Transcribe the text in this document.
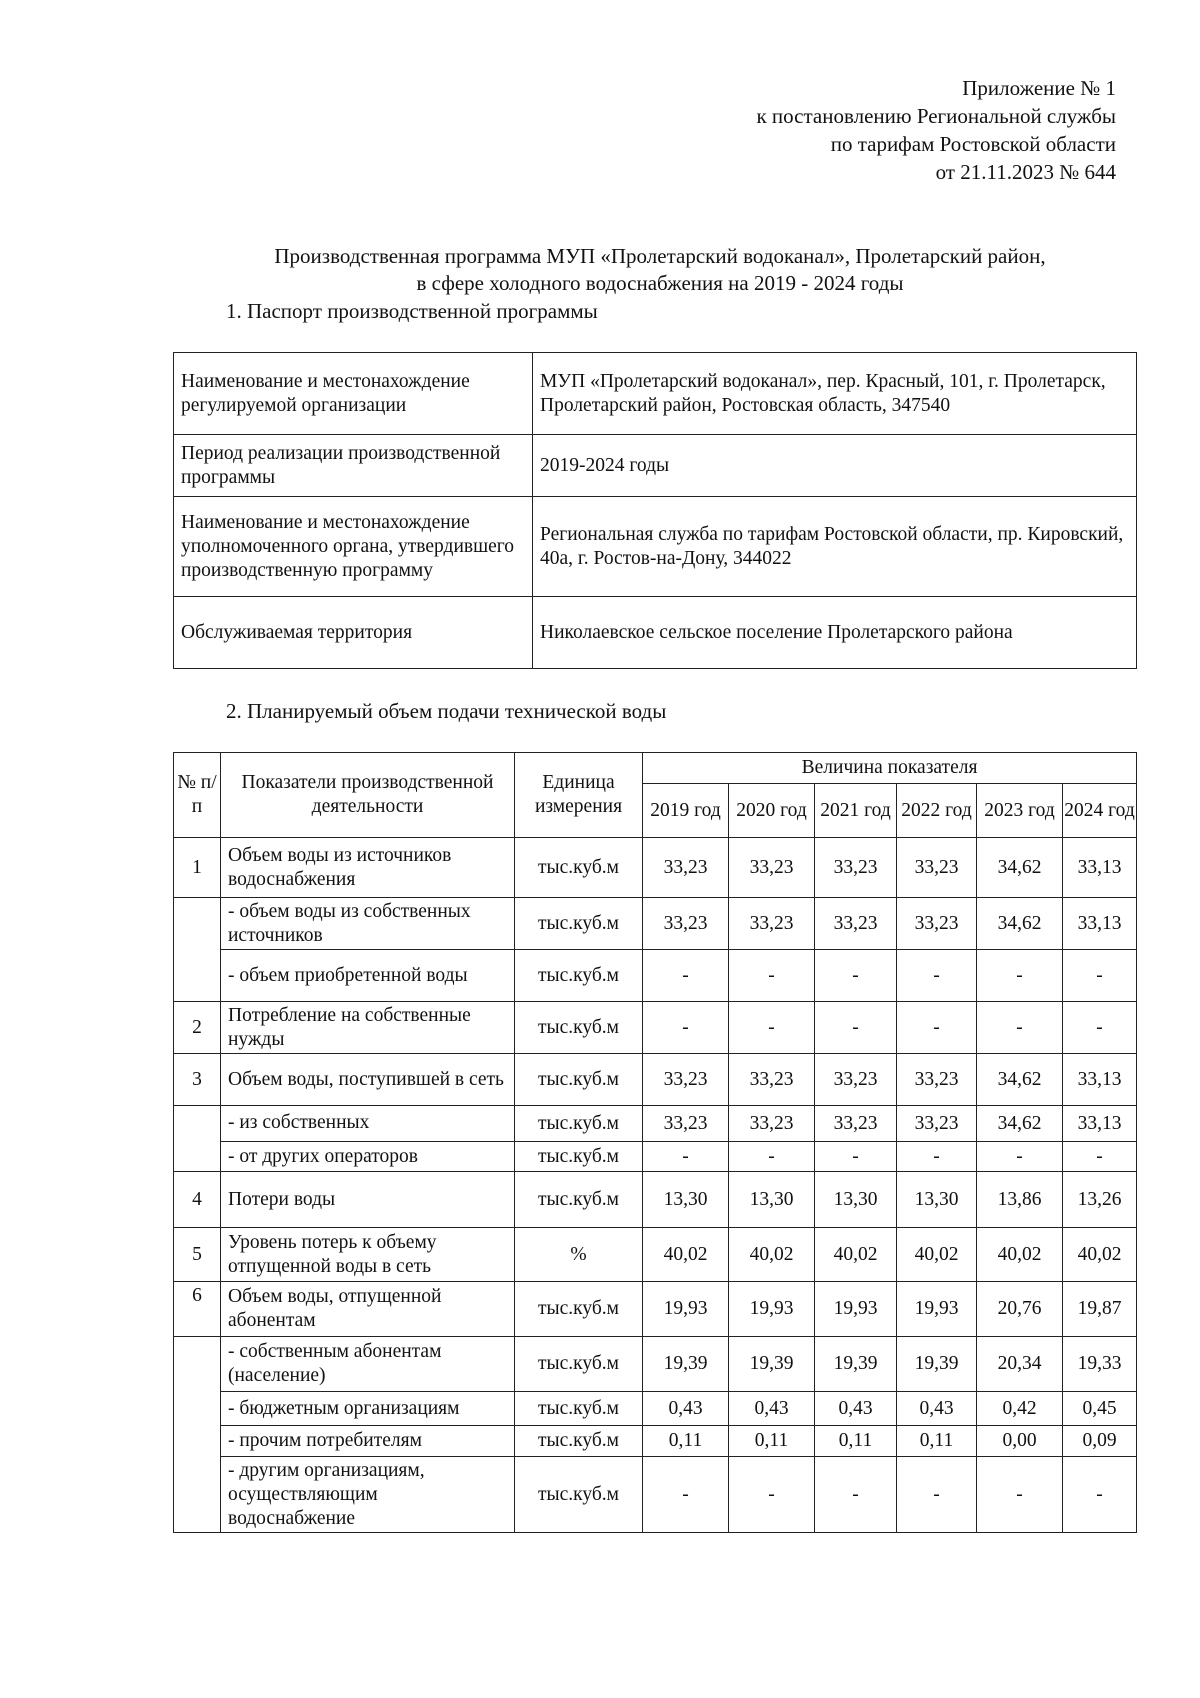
Приложение № 1
к постановлению Региональной службы
по тарифам Ростовской области
от 21.11.2023 № 644
Производственная программа МУП «Пролетарский водоканал», Пролетарский район,
в сфере холодного водоснабжения на 2019 - 2024 годы
1. Паспорт производственной программы
Наименование и местонахождение регулируемой организации	МУП «Пролетарский водоканал», пер. Красный, 101, г. Пролетарск, Пролетарский район, Ростовская область, 347540
Период реализации производственной программы	2019-2024 годы
Наименование и местонахождение уполномоченного органа, утвердившего производственную программу	Региональная служба по тарифам Ростовской области, пр. Кировский, 40а, г. Ростов-на-Дону, 344022
Обслуживаемая территория	Николаевское сельское поселение Пролетарского района
2. Планируемый объем подачи технической воды
№ п/ п	Показатели производственной деятельности	Единица измерения	Величина показателя					
			2019 год	2020 год	2021 год	2022 год	2023 год	2024 год
1	Объем воды из источников водоснабжения	тыс.куб.м	33,23	33,23	33,23	33,23	34,62	33,13
	- объем воды из собственных источников	тыс.куб.м	33,23	33,23	33,23	33,23	34,62	33,13
	- объем приобретенной воды	тыс.куб.м	-	-	-	-	-	-
2	Потребление на собственные нужды	тыс.куб.м	-	-	-	-	-	-
3	Объем воды, поступившей в сеть	тыс.куб.м	33,23	33,23	33,23	33,23	34,62	33,13

	- из собственных	тыс.куб.м	33,23	33,23	33,23	33,23	34,62	33,13
	- от других операторов	тыс.куб.м	-	-	-	-	-	-
4	Потери воды	тыс.куб.м	13,30	13,30	13,30	13,30	13,86	13,26
5	Уровень потерь к объему отпущенной воды в сеть	%	40,02	40,02	40,02	40,02	40,02	40,02
6	Объем воды, отпущенной абонентам	тыс.куб.м	19,93	19,93	19,93	19,93	20,76	19,87
	- собственным абонентам (население)	тыс.куб.м	19,39	19,39	19,39	19,39	20,34	19,33
	- бюджетным организациям	тыс.куб.м	0,43	0,43	0,43	0,43	0,42	0,45
	- прочим потребителям	тыс.куб.м	0,11	0,11	0,11	0,11	0,00	0,09
	- другим организациям, осуществляющим водоснабжение	тыс.куб.м	-	-	-	-	-	-
